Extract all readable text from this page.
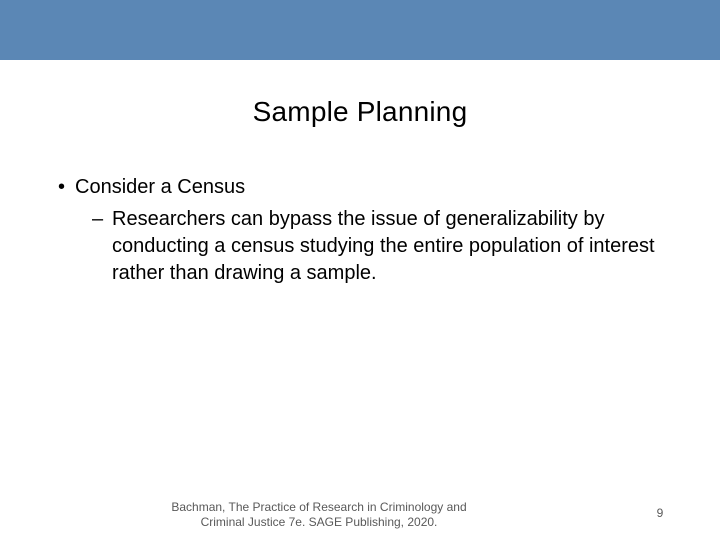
Sample Planning
• Consider a Census
– Researchers can bypass the issue of generalizability by conducting a census studying the entire population of interest rather than drawing a sample.
Bachman, The Practice of Research in Criminology and
Criminal Justice 7e. SAGE Publishing, 2020.
9
